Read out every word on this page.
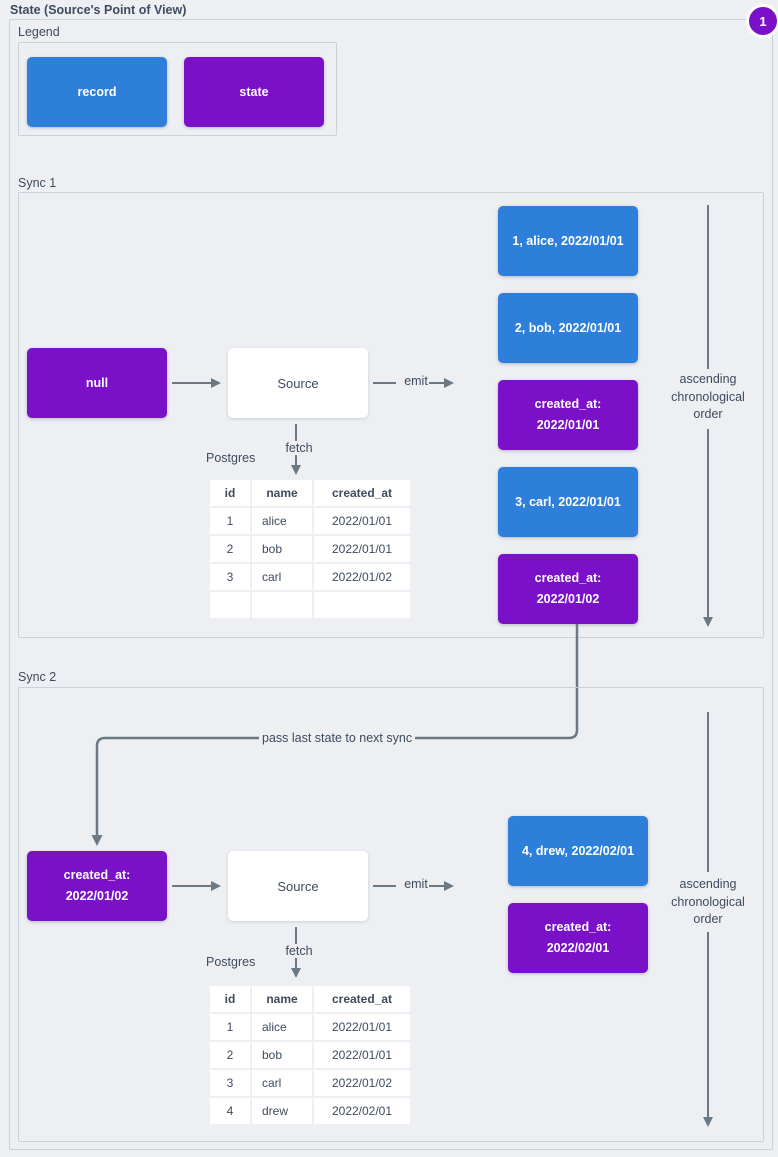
State (Source's Point of View)
1
Legend
record	state
Sync 1
null	Source	emit
fetch
Postgres
id	name	created_at
1	alice	2022/01/01
2	bob	2022/01/01
3	carl	2022/01/02

1, alice, 2022/01/01
2, bob, 2022/01/01
created_at:
2022/01/01
3, carl, 2022/01/01
created_at:
2022/01/02
ascending
chronological
order
pass last state to next sync
Sync 2
created_at:
2022/01/02
Source	emit
fetch
Postgres
id	name	created_at
1	alice	2022/01/01
2	bob	2022/01/01
3	carl	2022/01/02
4	drew	2022/02/01
4, drew, 2022/02/01
created_at:
2022/02/01
ascending
chronological
order
